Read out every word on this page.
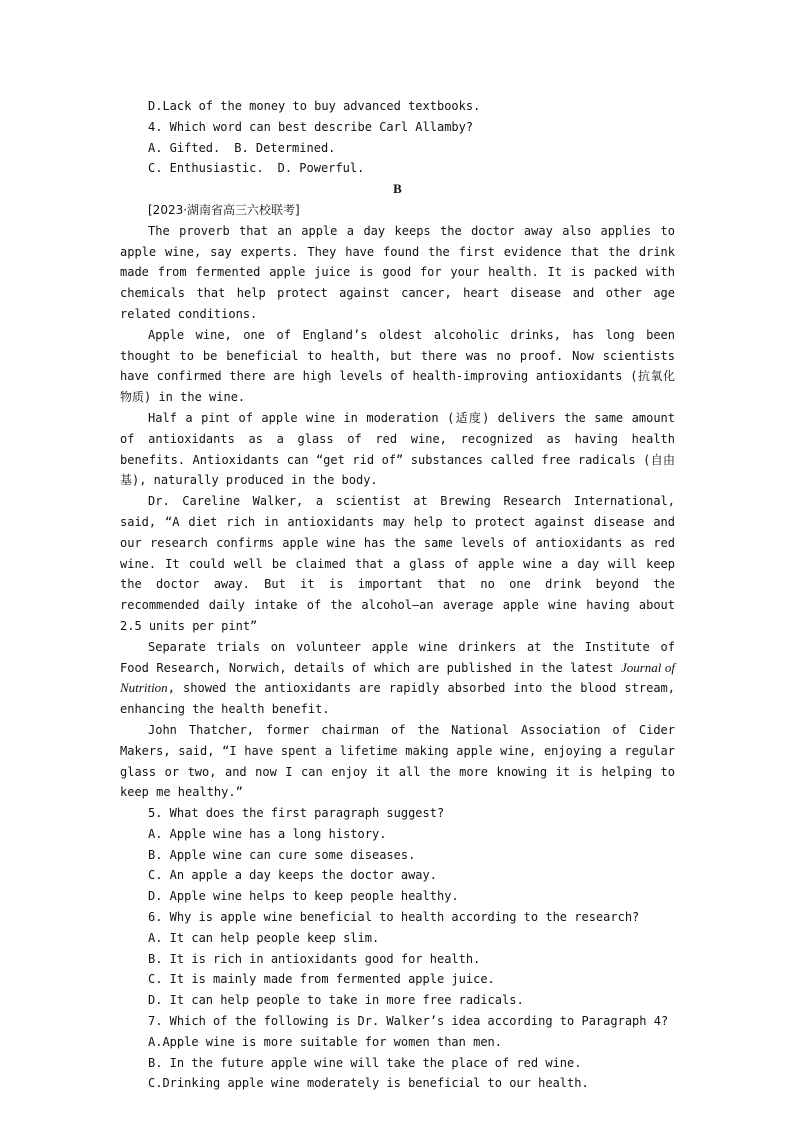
D.Lack of the money to buy advanced textbooks.

4. Which word can best describe Carl Allamby?

A. Gifted. B. Determined.

C. Enthusiastic. D. Powerful.

B

[2023·湖南省高三六校联考]

The proverb that an apple a day keeps the doctor away also applies to apple wine, say experts. They have found the first evidence that the drink made from fermented apple juice is good for your health. It is packed with chemicals that help protect against cancer, heart disease and other age related conditions.

Apple wine, one of England’s oldest alcoholic drinks, has long been thought to be beneficial to health, but there was no proof. Now scientists have confirmed there are high levels of health-improving antioxidants (抗氧化物质) in the wine.

Half a pint of apple wine in moderation (适度) delivers the same amount of antioxidants as a glass of red wine, recognized as having health benefits. Antioxidants can “get rid of” substances called free radicals (自由基), naturally produced in the body.

Dr. Careline Walker, a scientist at Brewing Research International, said, “A diet rich in antioxidants may help to protect against disease and our research confirms apple wine has the same levels of antioxidants as red wine. It could well be claimed that a glass of apple wine a day will keep the doctor away. But it is important that no one drink beyond the recommended daily intake of the alcohol—an average apple wine having about 2.5 units per pint”

Separate trials on volunteer apple wine drinkers at the Institute of Food Research, Norwich, details of which are published in the latest Journal of Nutrition, showed the antioxidants are rapidly absorbed into the blood stream, enhancing the health benefit.

John Thatcher, former chairman of the National Association of Cider Makers, said, “I have spent a lifetime making apple wine, enjoying a regular glass or two, and now I can enjoy it all the more knowing it is helping to keep me healthy.”

5. What does the first paragraph suggest?

A. Apple wine has a long history.

B. Apple wine can cure some diseases.

C. An apple a day keeps the doctor away.

D. Apple wine helps to keep people healthy.

6. Why is apple wine beneficial to health according to the research?

A. It can help people keep slim.

B. It is rich in antioxidants good for health.

C. It is mainly made from fermented apple juice.

D. It can help people to take in more free radicals.

7. Which of the following is Dr. Walker’s idea according to Paragraph 4?

A.Apple wine is more suitable for women than men.

B. In the future apple wine will take the place of red wine.

C.Drinking apple wine moderately is beneficial to our health.
